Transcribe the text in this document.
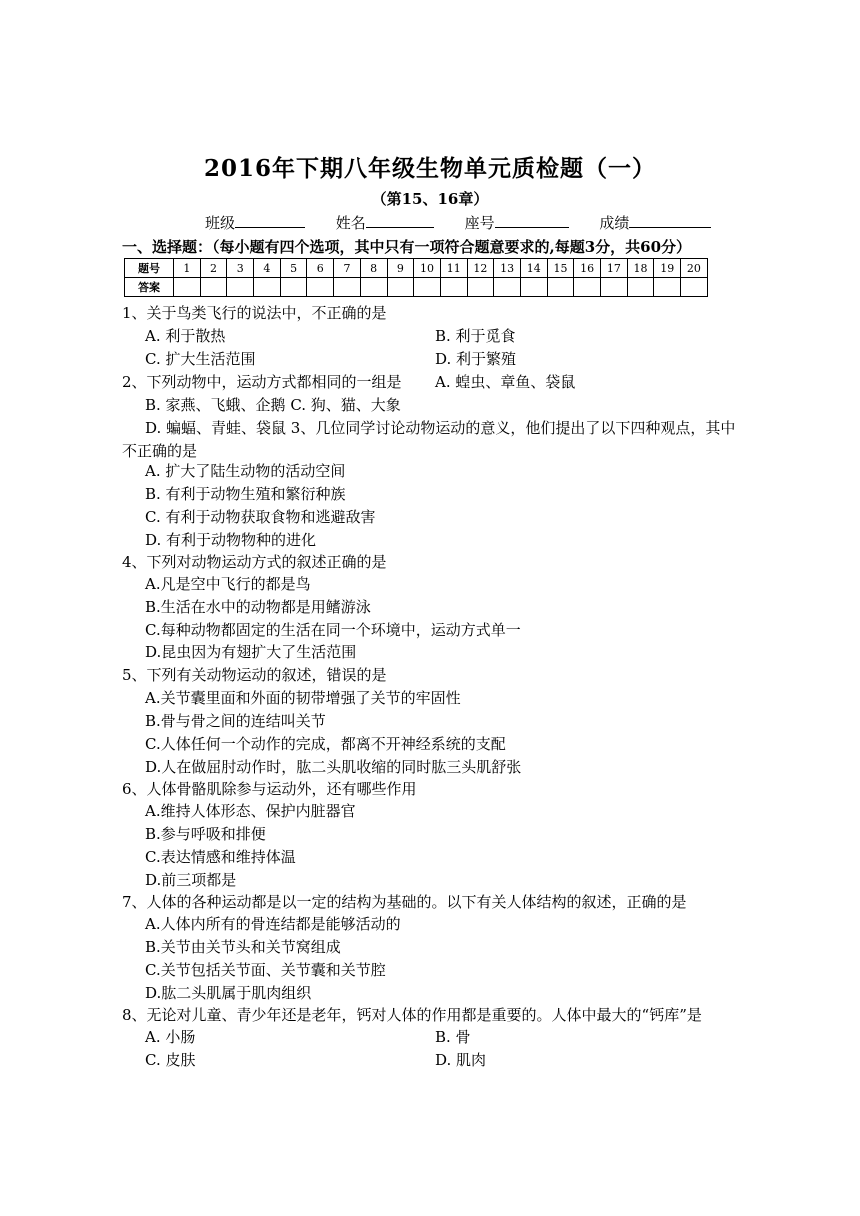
2016年下期八年级生物单元质检题（一）
（第15、16章）
班级	姓名	座号	成绩
一、选择题：（每小题有四个选项，其中只有一项符合题意要求的,每题3分，共60分）
题号	1	2	3	4	5	6	7	8	9	10	11	12	13	14	15	16	17	18	19	20
答案																				
1、关于鸟类飞行的说法中，不正确的是
A. 利于散热	B. 利于觅食
C. 扩大生活范围	D. 利于繁殖
2、下列动物中，运动方式都相同的一组是 A. 蝗虫、章鱼、袋鼠
B. 家燕、飞蛾、企鹅 C. 狗、猫、大象
D. 蝙蝠、青蛙、袋鼠 3、几位同学讨论动物运动的意义，他们提出了以下四种观点，其中
不正确的是
A. 扩大了陆生动物的活动空间
B. 有利于动物生殖和繁衍种族
C. 有利于动物获取食物和逃避敌害
D. 有利于动物物种的进化
4、下列对动物运动方式的叙述正确的是
A.凡是空中飞行的都是鸟
B.生活在水中的动物都是用鳍游泳
C.每种动物都固定的生活在同一个环境中，运动方式单一
D.昆虫因为有翅扩大了生活范围
5、下列有关动物运动的叙述，错误的是
A.关节囊里面和外面的韧带增强了关节的牢固性
B.骨与骨之间的连结叫关节
C.人体任何一个动作的完成，都离不开神经系统的支配
D.人在做屈肘动作时，肱二头肌收缩的同时肱三头肌舒张
6、人体骨骼肌除参与运动外，还有哪些作用
A.维持人体形态、保护内脏器官
B.参与呼吸和排便
C.表达情感和维持体温
D.前三项都是
7、人体的各种运动都是以一定的结构为基础的。以下有关人体结构的叙述，正确的是
A.人体内所有的骨连结都是能够活动的
B.关节由关节头和关节窝组成
C.关节包括关节面、关节囊和关节腔
D.肱二头肌属于肌肉组织
8、无论对儿童、青少年还是老年，钙对人体的作用都是重要的。人体中最大的“钙库”是
A. 小肠	B. 骨
C. 皮肤	D. 肌肉
